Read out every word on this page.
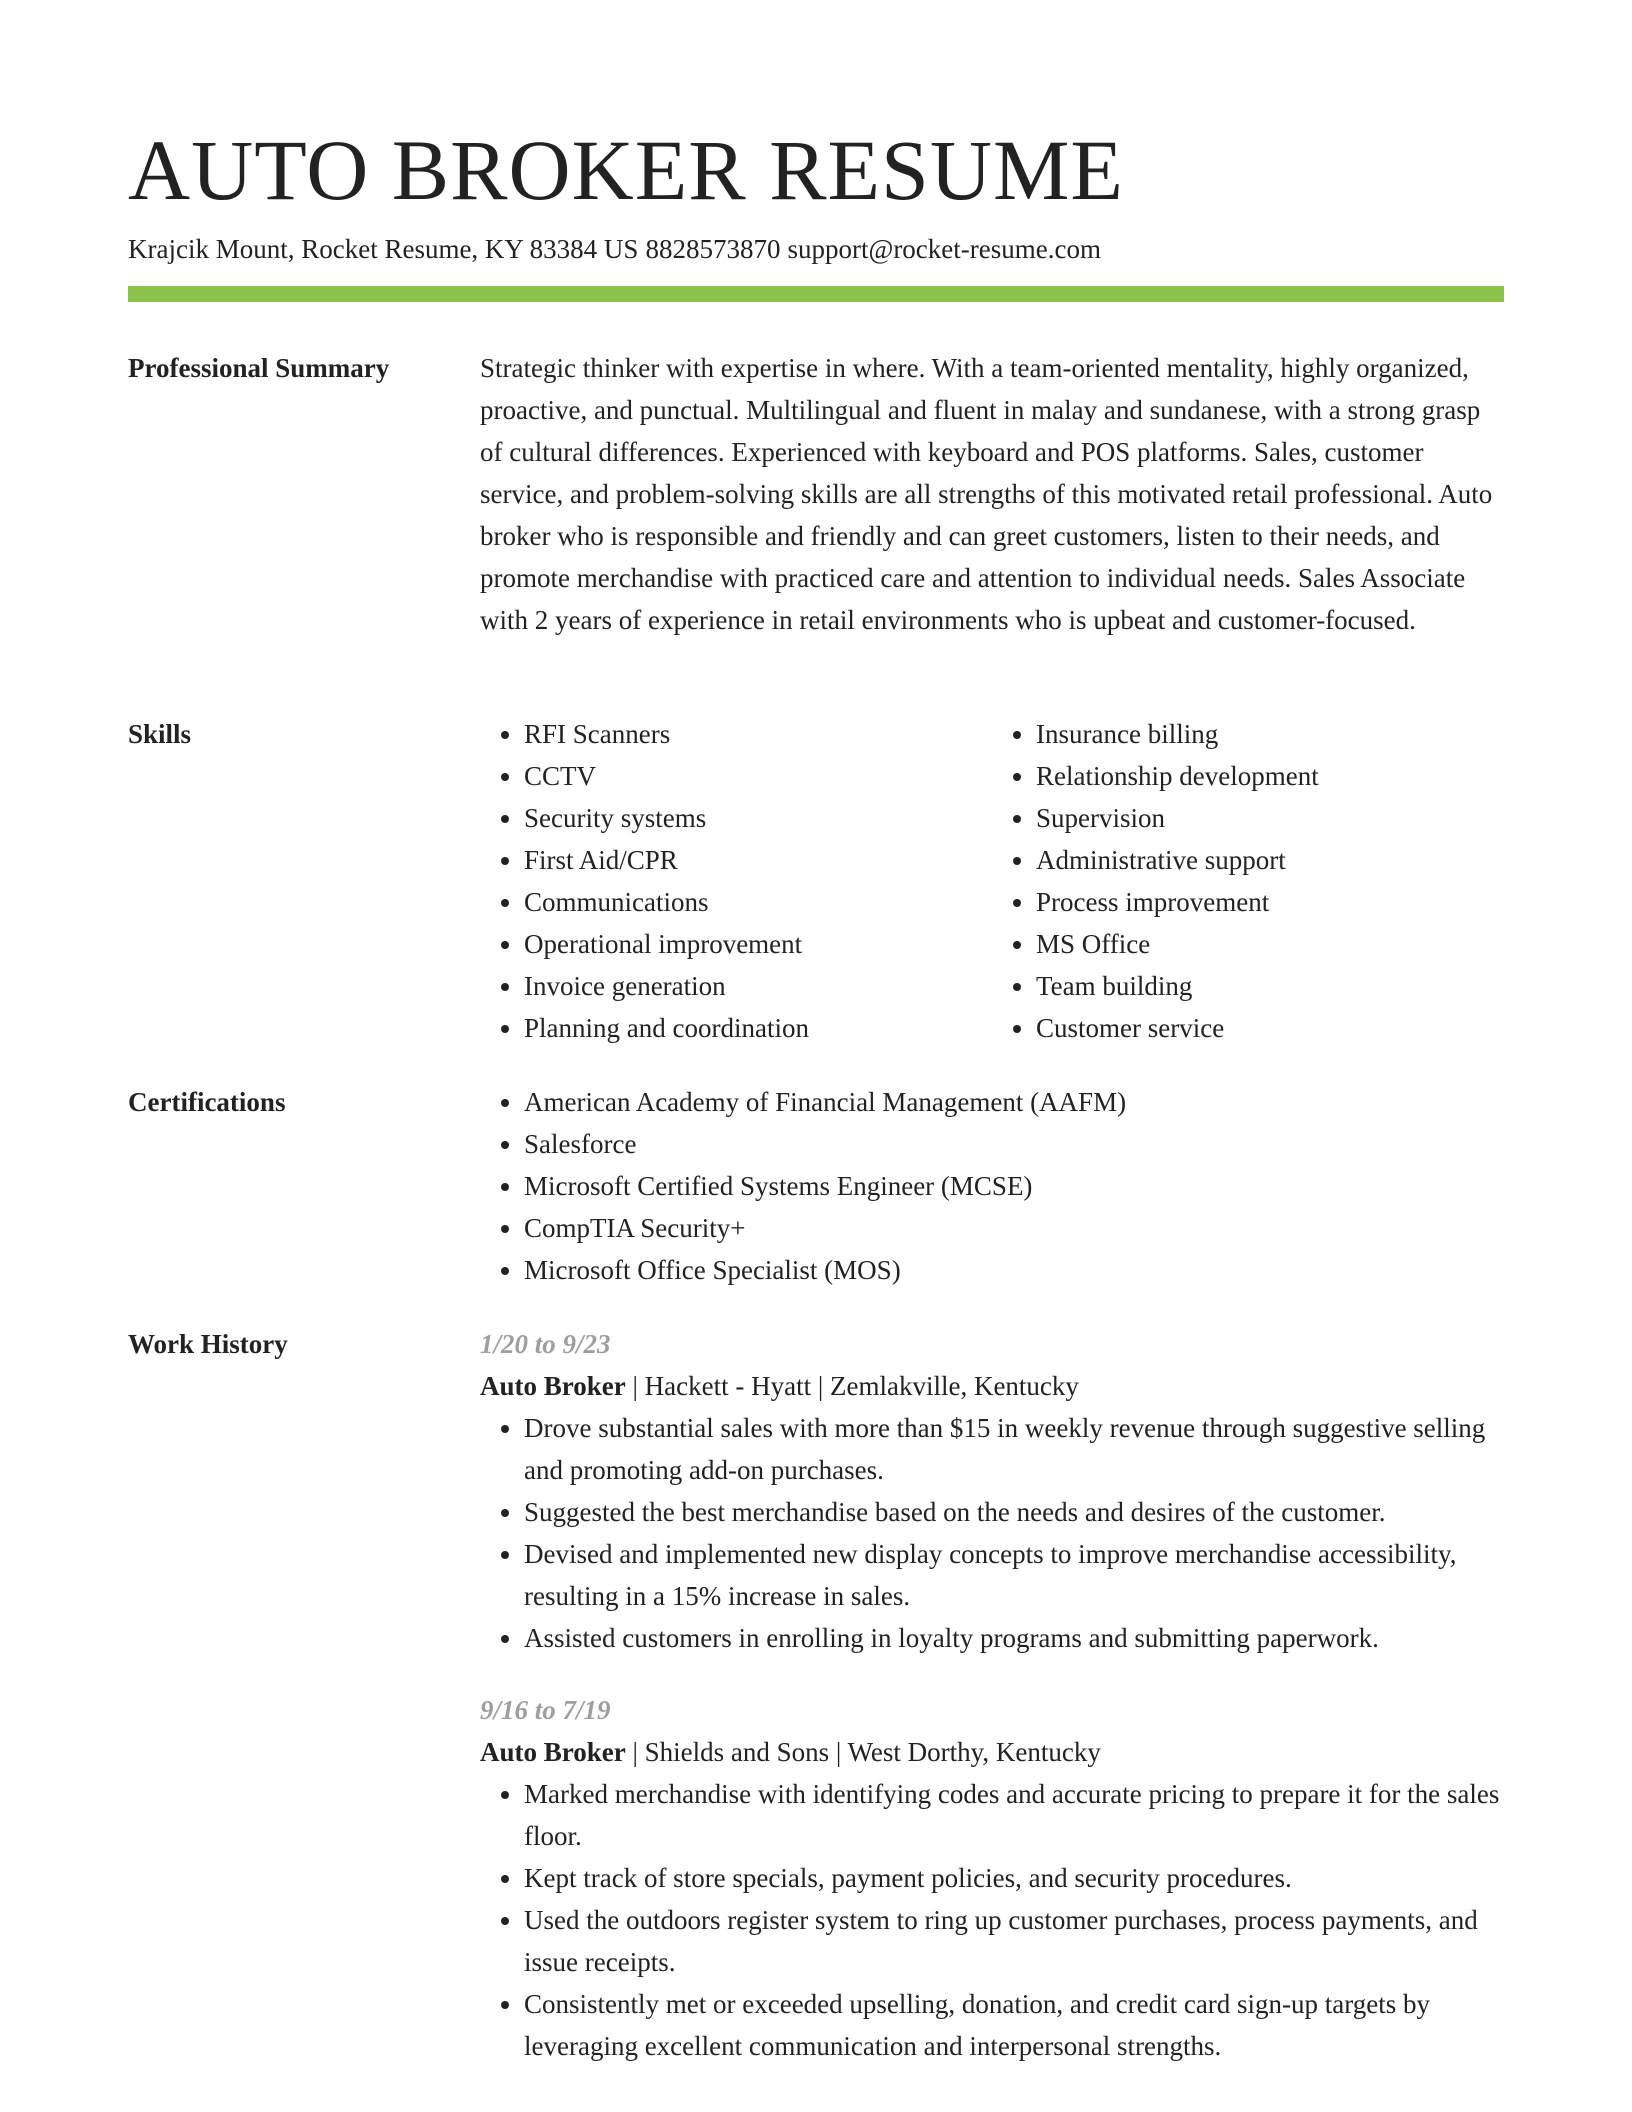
AUTO BROKER RESUME
Krajcik Mount, Rocket Resume, KY 83384 US 8828573870 support@rocket-resume.com
Professional Summary	Strategic thinker with expertise in where. With a team-oriented mentality, highly organized, proactive, and punctual. Multilingual and fluent in malay and sundanese, with a strong grasp of cultural differences. Experienced with keyboard and POS platforms. Sales, customer service, and problem-solving skills are all strengths of this motivated retail professional. Auto broker who is responsible and friendly and can greet customers, listen to their needs, and promote merchandise with practiced care and attention to individual needs. Sales Associate with 2 years of experience in retail environments who is upbeat and customer-focused.

Skills	• RFI Scanners
• CCTV
• Security systems
• First Aid/CPR
• Communications
• Operational improvement
• Invoice generation
• Planning and coordination
• Insurance billing
• Relationship development
• Supervision
• Administrative support
• Process improvement
• MS Office
• Team building
• Customer service
Certifications	• American Academy of Financial Management (AAFM)
• Salesforce
• Microsoft Certified Systems Engineer (MCSE)
• CompTIA Security+
• Microsoft Office Specialist (MOS)
Work History	1/20 to 9/23
Auto Broker | Hackett - Hyatt | Zemlakville, Kentucky
• Drove substantial sales with more than $15 in weekly revenue through suggestive selling and promoting add-on purchases.
• Suggested the best merchandise based on the needs and desires of the customer.
• Devised and implemented new display concepts to improve merchandise accessibility, resulting in a 15% increase in sales.
• Assisted customers in enrolling in loyalty programs and submitting paperwork.
9/16 to 7/19
Auto Broker | Shields and Sons | West Dorthy, Kentucky
• Marked merchandise with identifying codes and accurate pricing to prepare it for the sales floor.
• Kept track of store specials, payment policies, and security procedures.
• Used the outdoors register system to ring up customer purchases, process payments, and issue receipts.
• Consistently met or exceeded upselling, donation, and credit card sign-up targets by leveraging excellent communication and interpersonal strengths.
